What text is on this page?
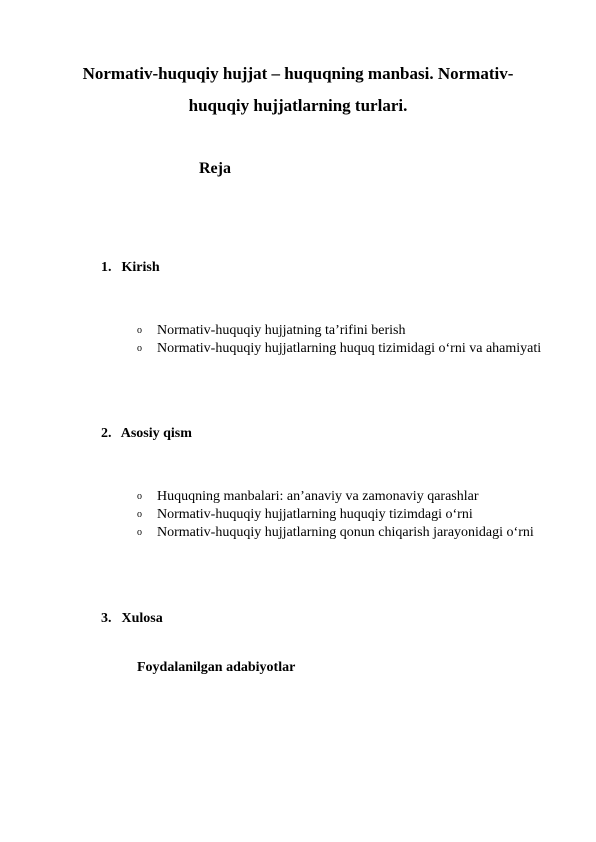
Normativ-huquqiy hujjat – huquqning manbasi. Normativ-huquqiy hujjatlarning turlari.
Reja
1. Kirish
o Normativ-huquqiy hujjatning ta’rifini berish
o Normativ-huquqiy hujjatlarning huquq tizimidagi o‘rni va ahamiyati
2. Asosiy qism
o Huquqning manbalari: an’anaviy va zamonaviy qarashlar
o Normativ-huquqiy hujjatlarning huquqiy tizimdagi o‘rni
o Normativ-huquqiy hujjatlarning qonun chiqarish jarayonidagi o‘rni
3. Xulosa
Foydalanilgan adabiyotlar
